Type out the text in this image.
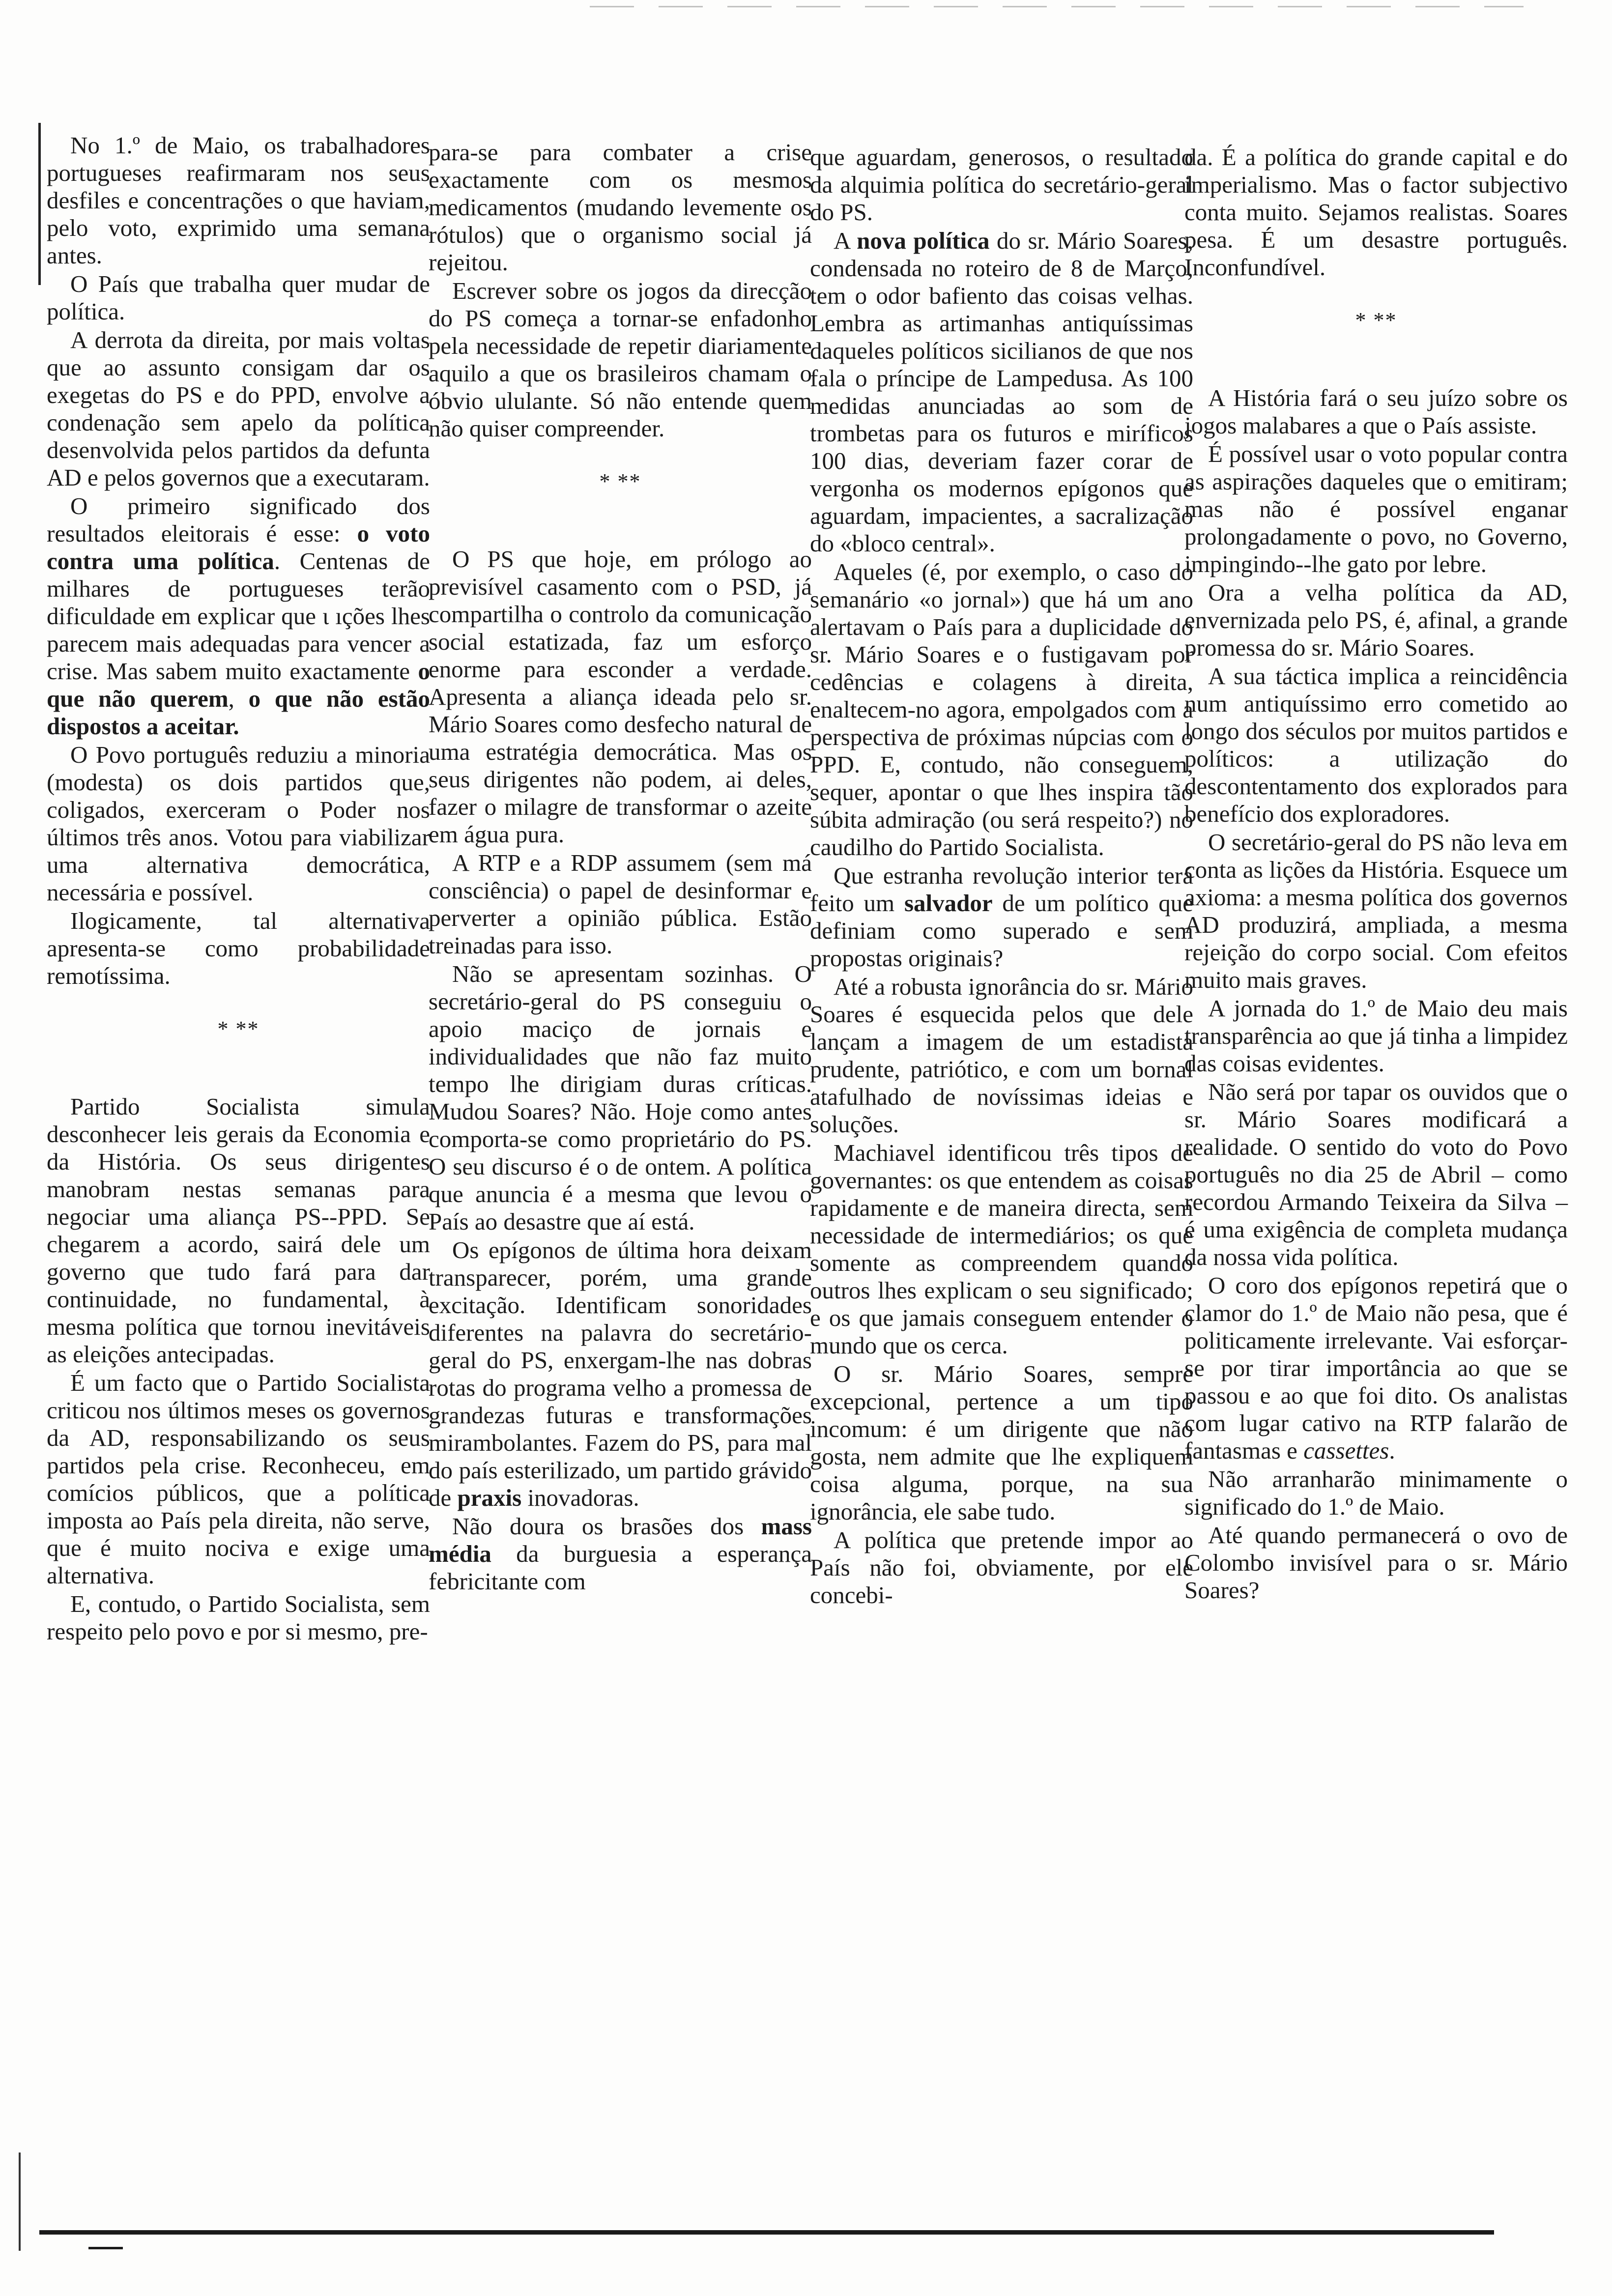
No 1.º de Maio, os trabalhadores portugueses reafirmaram nos seus desfiles e concentrações o que haviam, pelo voto, exprimido uma semana antes.

O País que trabalha quer mudar de política.

A derrota da direita, por mais voltas que ao assunto consigam dar os exegetas do PS e do PPD, envolve a condenação sem apelo da política desenvolvida pelos partidos da defunta AD e pelos governos que a executaram.

O primeiro significado dos resultados eleitorais é esse: o voto contra uma política. Centenas de milhares de portugueses terão dificuldade em explicar que ɩ ıções lhes parecem mais adequadas para vencer a crise. Mas sabem muito exactamente o que não querem, o que não estão dispostos a aceitar.

O Povo português reduziu a minoria (modesta) os dois partidos que, coligados, exerceram o Poder nos últimos três anos. Votou para viabilizar uma alternativa democrática, necessária e possível.

Ilogicamente, tal alternativa apresenta-se como probabilidade remotíssima.

* **

Partido Socialista simula desconhecer leis gerais da Economia e da História. Os seus dirigentes manobram nestas semanas para negociar uma aliança PS--PPD. Se chegarem a acordo, sairá dele um governo que tudo fará para dar continuidade, no fundamental, à mesma política que tornou inevitáveis as eleições antecipadas.

É um facto que o Partido Socialista criticou nos últimos meses os governos da AD, responsabilizando os seus partidos pela crise. Reconheceu, em comícios públicos, que a política imposta ao País pela direita, não serve, que é muito nociva e exige uma alternativa.

E, contudo, o Partido Socialista, sem respeito pelo povo e por si mesmo, pre-

para-se para combater a crise exactamente com os mesmos medicamentos (mudando levemente os rótulos) que o organismo social já rejeitou.

Escrever sobre os jogos da direcção do PS começa a tornar-se enfadonho pela necessidade de repetir diariamente aquilo a que os brasileiros chamam o óbvio ululante. Só não entende quem não quiser compreender.

* **

O PS que hoje, em prólogo ao previsível casamento com o PSD, já compartilha o controlo da comunicação social estatizada, faz um esforço enorme para esconder a verdade. Apresenta a aliança ideada pelo sr. Mário Soares como desfecho natural de uma estratégia democrática. Mas os seus dirigentes não podem, ai deles, fazer o milagre de transformar o azeite em água pura.

A RTP e a RDP assumem (sem má consciência) o papel de desinformar e perverter a opinião pública. Estão treinadas para isso.

Não se apresentam sozinhas. O secretário-geral do PS conseguiu o apoio maciço de jornais e individualidades que não faz muito tempo lhe dirigiam duras críticas. Mudou Soares? Não. Hoje como antes comporta-se como proprietário do PS. O seu discurso é o de ontem. A política que anuncia é a mesma que levou o País ao desastre que aí está.

Os epígonos de última hora deixam transparecer, porém, uma grande excitação. Identificam sonoridades diferentes na palavra do secretário-geral do PS, enxergam-lhe nas dobras rotas do programa velho a promessa de grandezas futuras e transformações mirambolantes. Fazem do PS, para mal do país esterilizado, um partido grávido de praxis inovadoras.

Não doura os brasões dos mass média da burguesia a esperança febricitante com

que aguardam, generosos, o resultado da alquimia política do secretário-geral do PS.

A nova política do sr. Mário Soares, condensada no roteiro de 8 de Março, tem o odor bafiento das coisas velhas. Lembra as artimanhas antiquíssimas daqueles políticos sicilianos de que nos fala o príncipe de Lampedusa. As 100 medidas anunciadas ao som de trombetas para os futuros e miríficos 100 dias, deveriam fazer corar de vergonha os modernos epígonos que aguardam, impacientes, a sacralização do «bloco central».

Aqueles (é, por exemplo, o caso do semanário «o jornal») que há um ano alertavam o País para a duplicidade do sr. Mário Soares e o fustigavam por cedências e colagens à direita, enaltecem-no agora, empolgados com a perspectiva de próximas núpcias com o PPD. E, contudo, não conseguem, sequer, apontar o que lhes inspira tão súbita admiração (ou será respeito?) no caudilho do Partido Socialista.

Que estranha revolução interior terá feito um salvador de um político que definiam como superado e sem propostas originais?

Até a robusta ignorância do sr. Mário Soares é esquecida pelos que dele lançam a imagem de um estadista prudente, patriótico, e com um bornal atafulhado de novíssimas ideias e soluções.

Machiavel identificou três tipos de governantes: os que entendem as coisas rapidamente e de maneira directa, sem necessidade de intermediários; os que somente as compreendem quando outros lhes explicam o seu significado; e os que jamais conseguem entender o mundo que os cerca.

O sr. Mário Soares, sempre excepcional, pertence a um tipo incomum: é um dirigente que não gosta, nem admite que lhe expliquem coisa alguma, porque, na sua ignorância, ele sabe tudo.

A política que pretende impor ao País não foi, obviamente, por ele concebi-

da. É a política do grande capital e do imperialismo. Mas o factor subjectivo conta muito. Sejamos realistas. Soares pesa. É um desastre português. Inconfundível.

* **

A História fará o seu juízo sobre os jogos malabares a que o País assiste.

É possível usar o voto popular contra as aspirações daqueles que o emitiram; mas não é possível enganar prolongadamente o povo, no Governo, impingindo--lhe gato por lebre.

Ora a velha política da AD, envernizada pelo PS, é, afinal, a grande promessa do sr. Mário Soares.

A sua táctica implica a reincidência num antiquíssimo erro cometido ao longo dos séculos por muitos partidos e políticos: a utilização do descontentamento dos explorados para benefício dos exploradores.

O secretário-geral do PS não leva em conta as lições da História. Esquece um axioma: a mesma política dos governos AD produzirá, ampliada, a mesma rejeição do corpo social. Com efeitos muito mais graves.

A jornada do 1.º de Maio deu mais transparência ao que já tinha a limpidez das coisas evidentes.

Não será por tapar os ouvidos que o sr. Mário Soares modificará a realidade. O sentido do voto do Povo português no dia 25 de Abril – como recordou Armando Teixeira da Silva – é uma exigência de completa mudança da nossa vida política.

O coro dos epígonos repetirá que o clamor do 1.º de Maio não pesa, que é politicamente irrelevante. Vai esforçar-se por tirar importância ao que se passou e ao que foi dito. Os analistas com lugar cativo na RTP falarão de fantasmas e cassettes.

Não arranharão minimamente o significado do 1.º de Maio.

Até quando permanecerá o ovo de Colombo invisível para o sr. Mário Soares?
